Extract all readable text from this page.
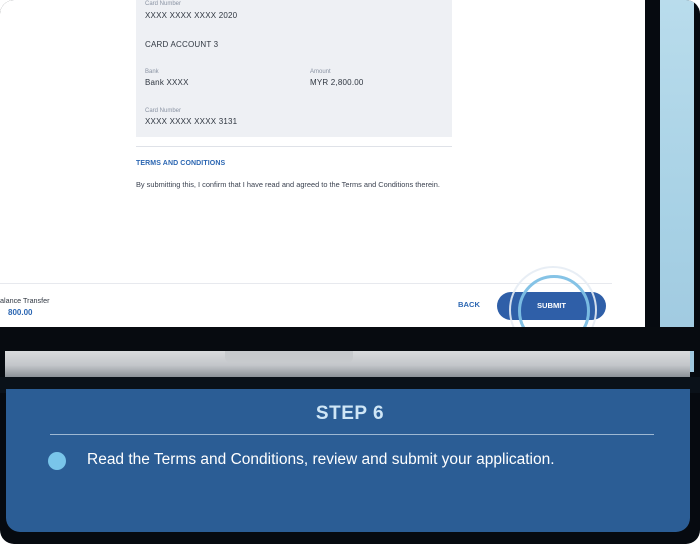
Card Number
XXXX XXXX XXXX 2020
CARD ACCOUNT 3
Bank
Bank XXXX
Amount
MYR 2,800.00
Card Number
XXXX XXXX XXXX 3131
TERMS AND CONDITIONS
By submitting this, I confirm that I have read and agreed to the Terms and Conditions therein.
alance Transfer
800.00
BACK	SUBMIT
STEP 6
Read the Terms and Conditions, review and submit your application.
